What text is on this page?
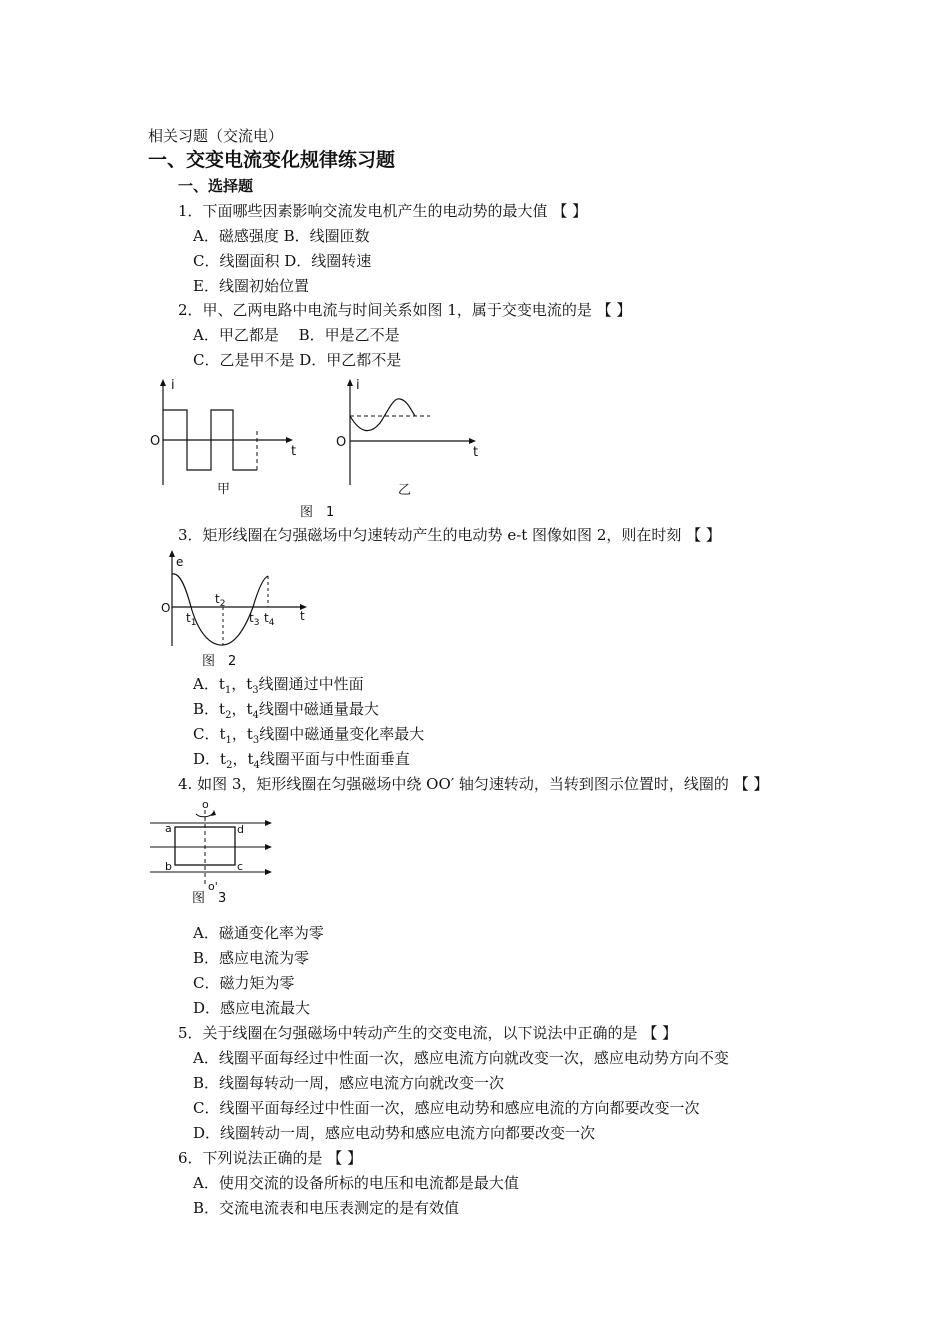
相关习题（交流电）
一、交变电流变化规律练习题
一、选择题
1．下面哪些因素影响交流发电机产生的电动势的最大值 【 】
A．磁感强度 B．线圈匝数
C．线圈面积 D．线圈转速
E．线圈初始位置
2．甲、乙两电路中电流与时间关系如图 1，属于交变电流的是 【 】
A．甲乙都是　 B．甲是乙不是
C．乙是甲不是 D．甲乙都不是
i
O
t
甲
i
O
t
乙
图　1
3．矩形线圈在匀强磁场中匀速转动产生的电动势 e-t 图像如图 2，则在时刻 【 】
e
O
t
$t_1$
$t_2$
$t_3$ $t_4$
图　2
A．$t_1$，$t_3$线圈通过中性面
B．$t_2$，$t_4$线圈中磁通量最大
C．$t_1$，$t_3$线圈中磁通量变化率最大
D．$t_2$，$t_4$线圈平面与中性面垂直
4. 如图 3，矩形线圈在匀强磁场中绕 OO′ 轴匀速转动，当转到图示位置时，线圈的 【 】
o
o'
a
b	c
d
图　3
A．磁通变化率为零
B．感应电流为零
C．磁力矩为零
D．感应电流最大
5．关于线圈在匀强磁场中转动产生的交变电流，以下说法中正确的是 【 】
A．线圈平面每经过中性面一次，感应电流方向就改变一次，感应电动势方向不变
B．线圈每转动一周，感应电流方向就改变一次
C．线圈平面每经过中性面一次，感应电动势和感应电流的方向都要改变一次
D．线圈转动一周，感应电动势和感应电流方向都要改变一次
6．下列说法正确的是 【 】
A．使用交流的设备所标的电压和电流都是最大值
B．交流电流表和电压表测定的是有效值
